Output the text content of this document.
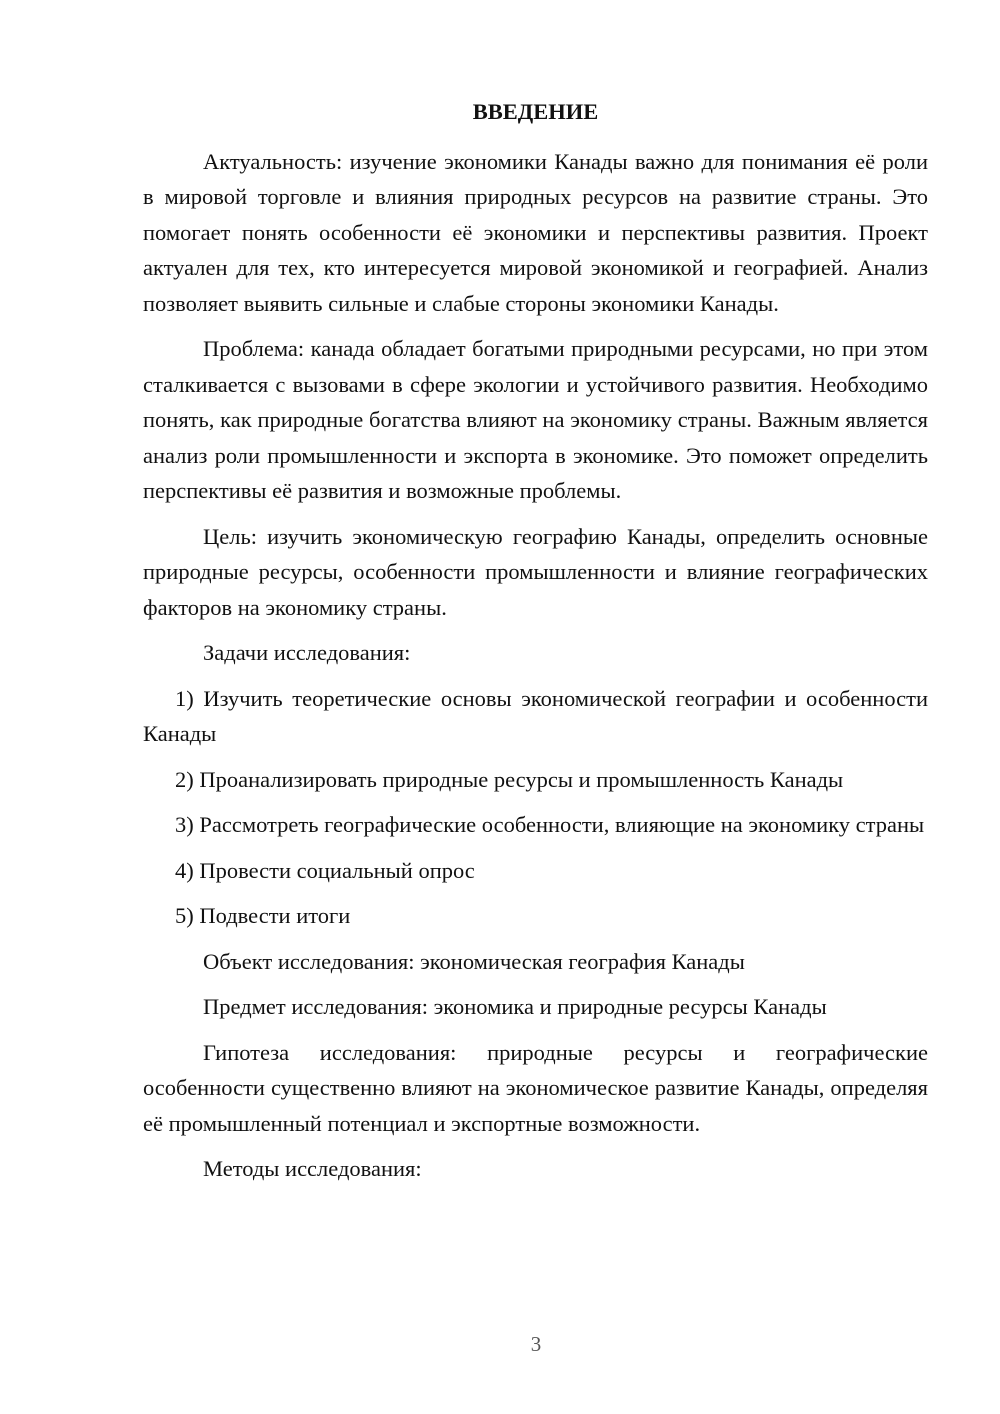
ВВЕДЕНИЕ

Актуальность: изучение экономики Канады важно для понимания её роли в мировой торговле и влияния природных ресурсов на развитие страны. Это помогает понять особенности её экономики и перспективы развития. Проект актуален для тех, кто интересуется мировой экономикой и географией. Анализ позволяет выявить сильные и слабые стороны экономики Канады.

Проблема: канада обладает богатыми природными ресурсами, но при этом сталкивается с вызовами в сфере экологии и устойчивого развития. Необходимо понять, как природные богатства влияют на экономику страны. Важным является анализ роли промышленности и экспорта в экономике. Это поможет определить перспективы её развития и возможные проблемы.

Цель: изучить экономическую географию Канады, определить основные природные ресурсы, особенности промышленности и влияние географических факторов на экономику страны.

Задачи исследования:

1) Изучить теоретические основы экономической географии и особенности Канады

2) Проанализировать природные ресурсы и промышленность Канады

3) Рассмотреть географические особенности, влияющие на экономику страны

4) Провести социальный опрос

5) Подвести итоги

Объект исследования: экономическая география Канады

Предмет исследования: экономика и природные ресурсы Канады

Гипотеза исследования: природные ресурсы и географические особенности существенно влияют на экономическое развитие Канады, определяя её промышленный потенциал и экспортные возможности.

Методы исследования:

3
